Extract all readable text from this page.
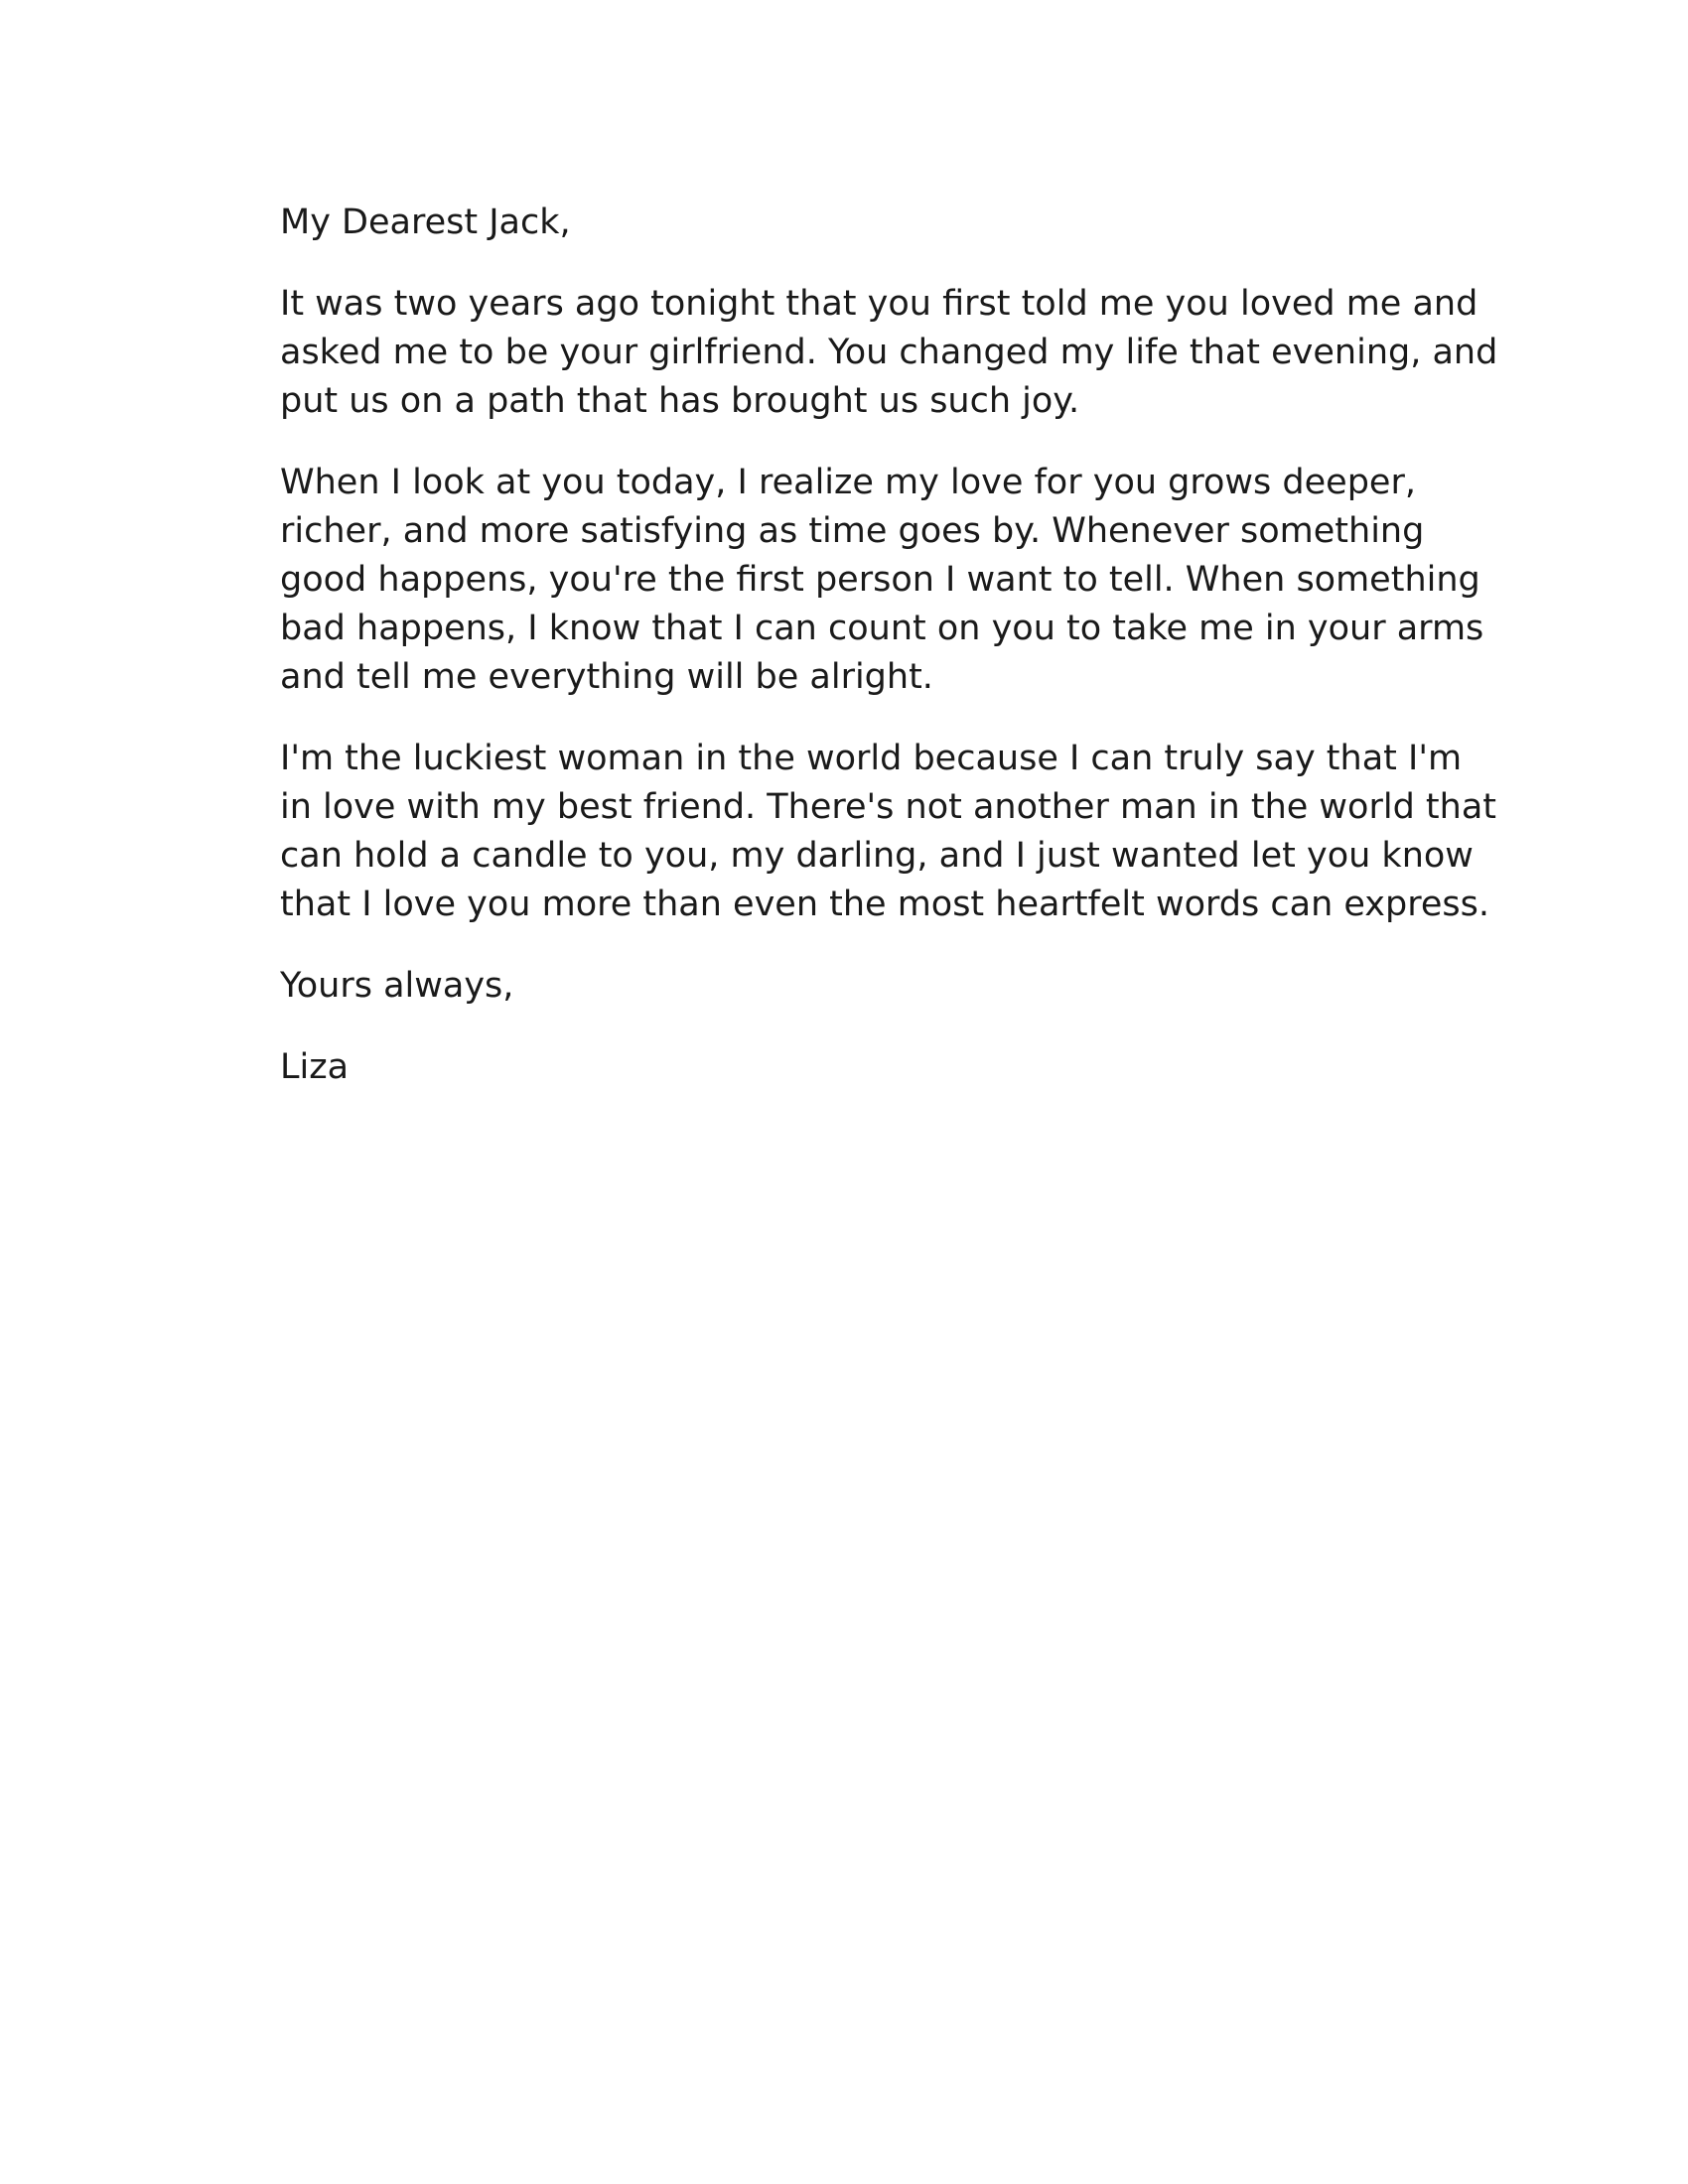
My Dearest Jack,

It was two years ago tonight that you first told me you loved me and asked me to be your girlfriend. You changed my life that evening, and put us on a path that has brought us such joy.

When I look at you today, I realize my love for you grows deeper, richer, and more satisfying as time goes by. Whenever something good happens, you're the first person I want to tell. When something bad happens, I know that I can count on you to take me in your arms and tell me everything will be alright.

I'm the luckiest woman in the world because I can truly say that I'm in love with my best friend. There's not another man in the world that can hold a candle to you, my darling, and I just wanted let you know that I love you more than even the most heartfelt words can express.

Yours always,

Liza
